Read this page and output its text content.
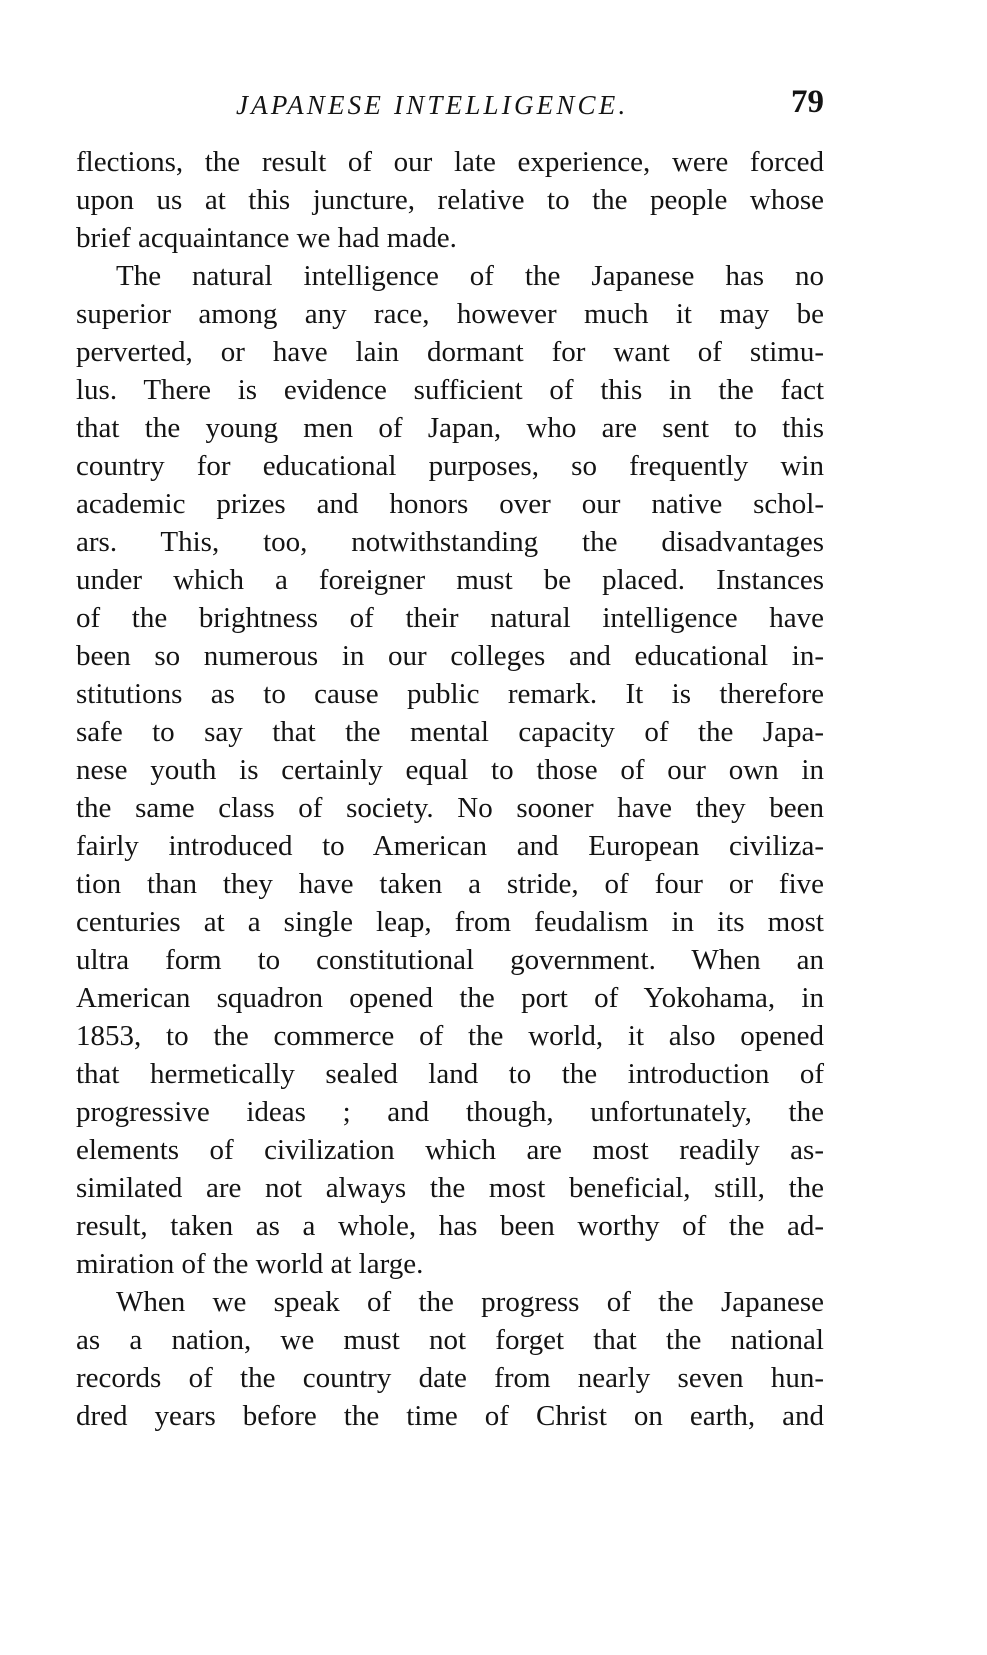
JAPANESE INTELLIGENCE.	79
flections, the result of our late experience, were forced
upon us at this juncture, relative to the people whose
brief acquaintance we had made.
The natural intelligence of the Japanese has no
superior among any race, however much it may be
perverted, or have lain dormant for want of stimu-
lus. There is evidence sufficient of this in the fact
that the young men of Japan, who are sent to this
country for educational purposes, so frequently win
academic prizes and honors over our native schol-
ars. This, too, notwithstanding the disadvantages
under which a foreigner must be placed. Instances
of the brightness of their natural intelligence have
been so numerous in our colleges and educational in-
stitutions as to cause public remark. It is therefore
safe to say that the mental capacity of the Japa-
nese youth is certainly equal to those of our own in
the same class of society. No sooner have they been
fairly introduced to American and European civiliza-
tion than they have taken a stride, of four or five
centuries at a single leap, from feudalism in its most
ultra form to constitutional government. When an
American squadron opened the port of Yokohama, in
1853, to the commerce of the world, it also opened
that hermetically sealed land to the introduction of
progressive ideas ; and though, unfortunately, the
elements of civilization which are most readily as-
similated are not always the most beneficial, still, the
result, taken as a whole, has been worthy of the ad-
miration of the world at large.
When we speak of the progress of the Japanese
as a nation, we must not forget that the national
records of the country date from nearly seven hun-
dred years before the time of Christ on earth, and
